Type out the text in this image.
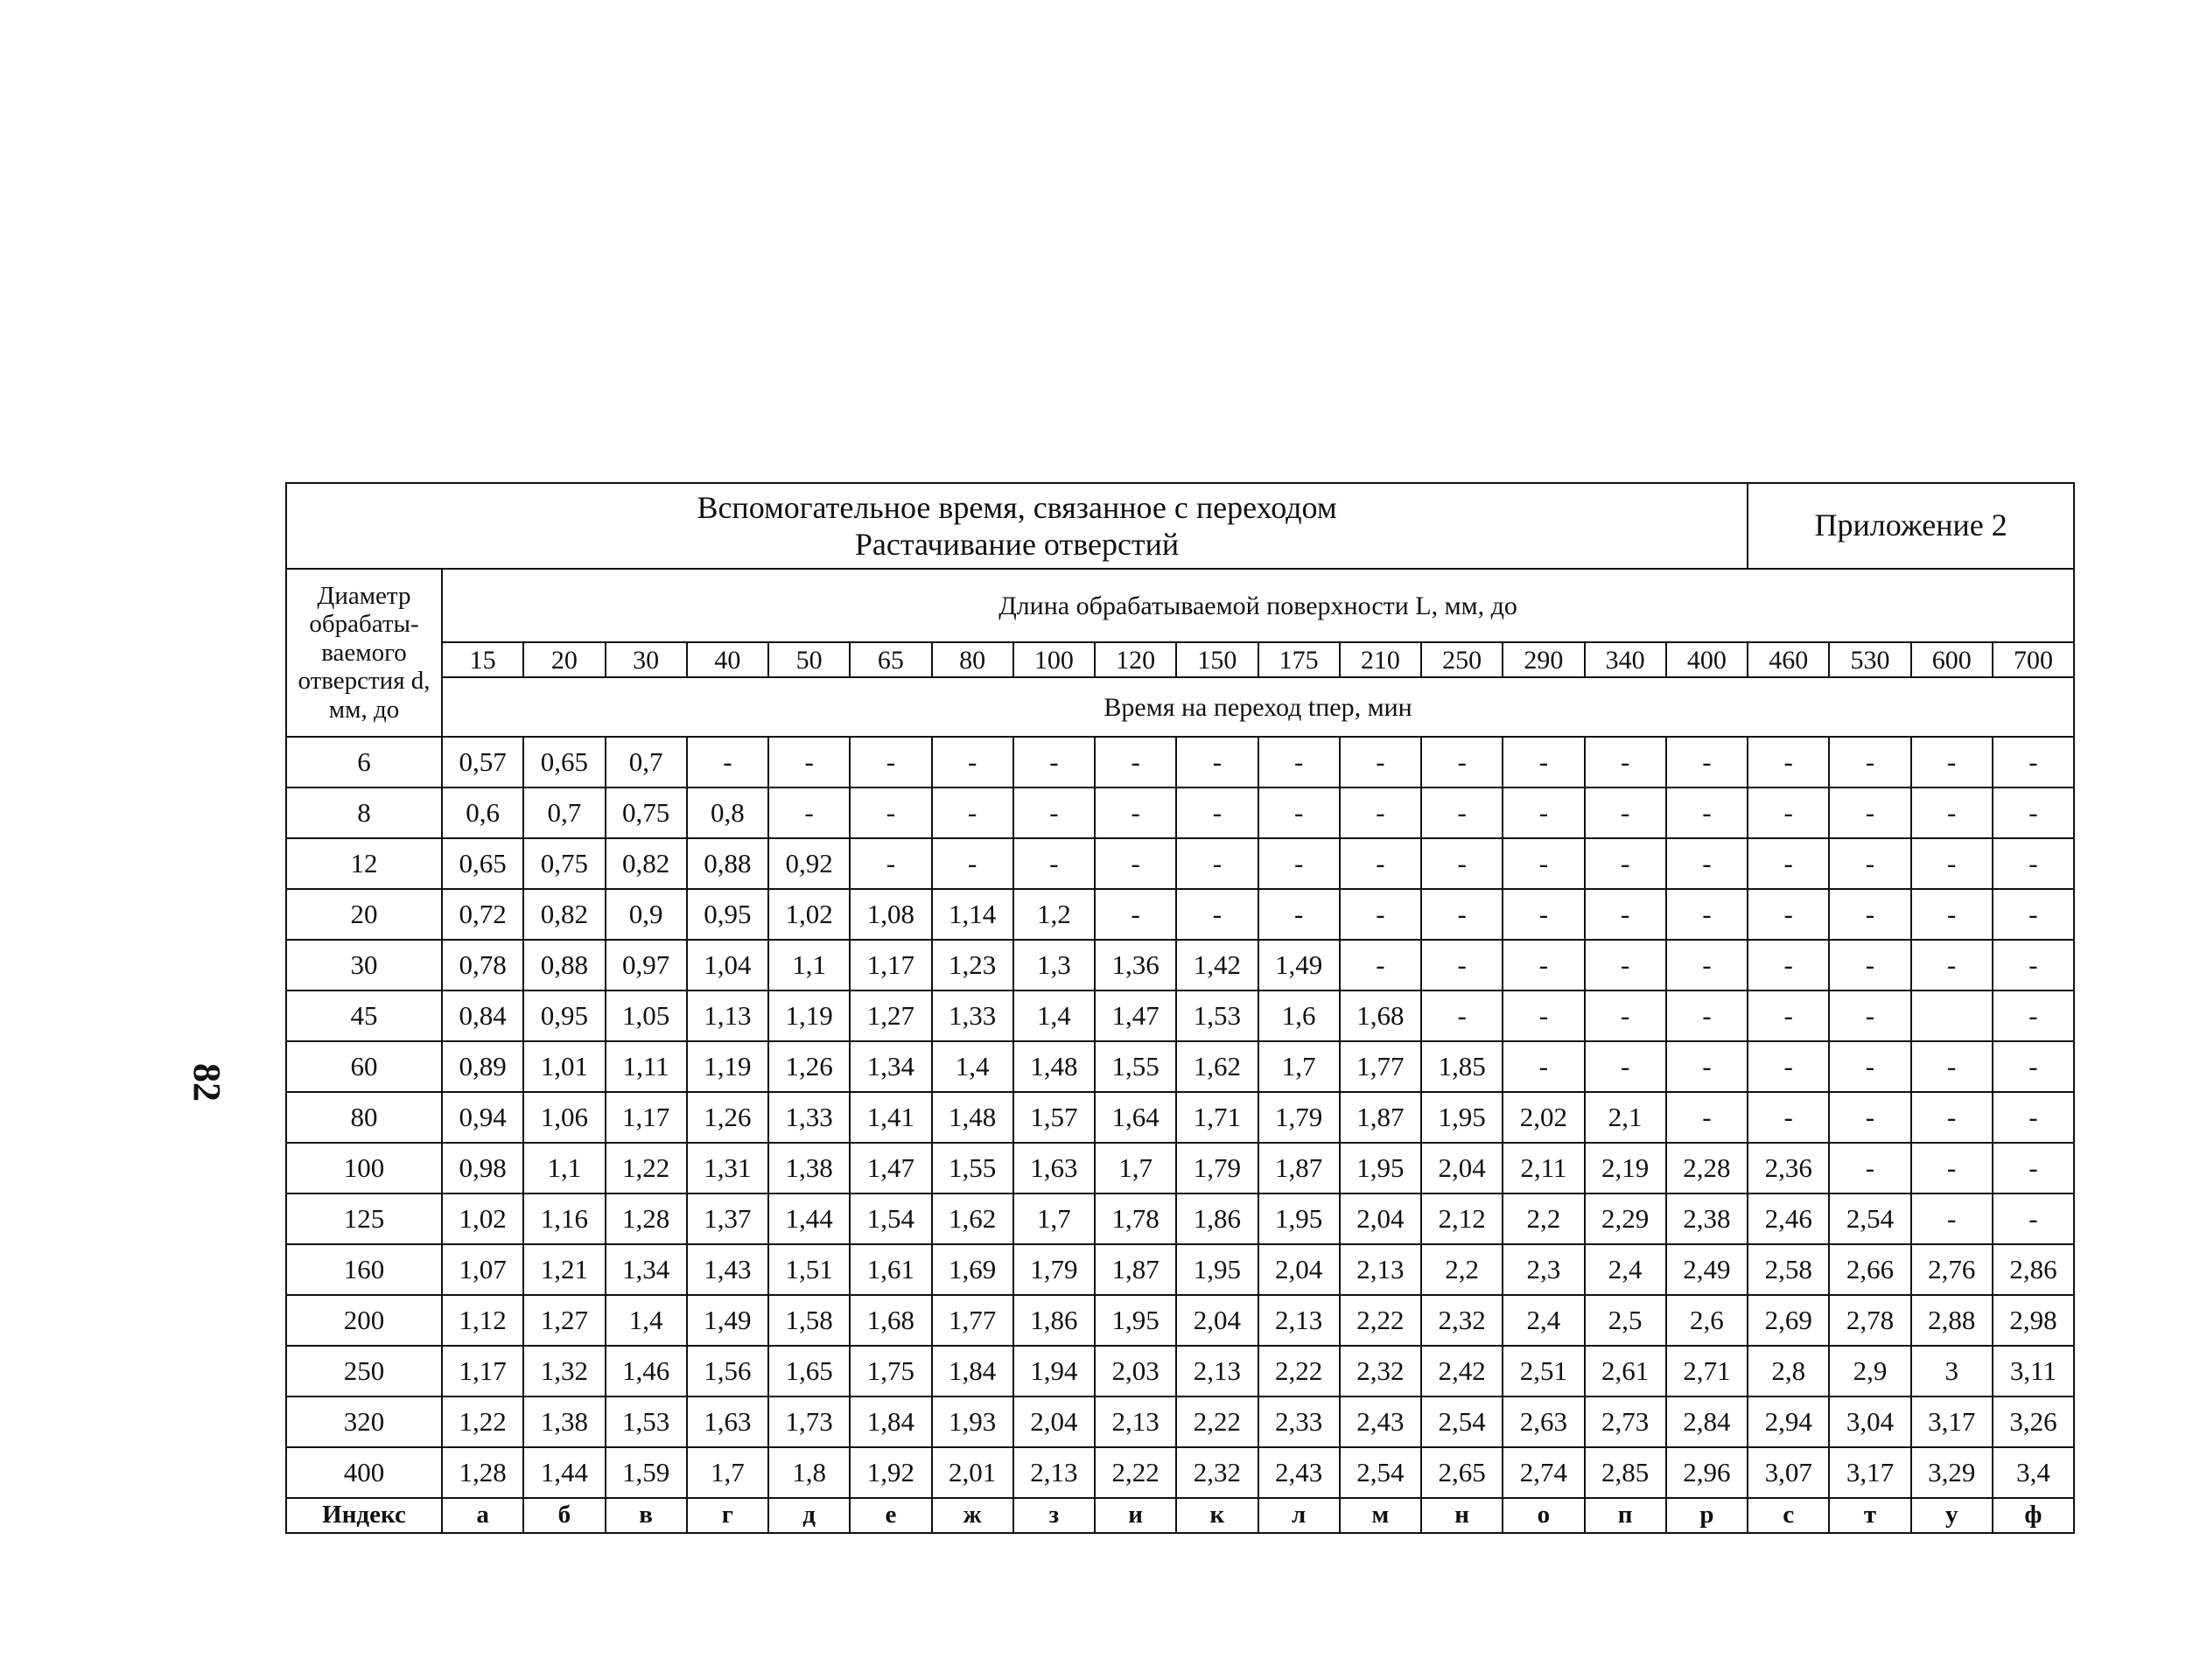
82
Вспомогательное время, связанное с переходом
Растачивание отверстий																	Приложение 2			
Диаметр обрабаты-ваемого отверстия d, мм, до	Длина обрабатываемой поверхности L, мм, до																			
	15	20	30	40	50	65	80	100	120	150	175	210	250	290	340	400	460	530	600	700
	Время на переход tпер, мин																			
6	0,57	0,65	0,7	-	-	-	-	-	-	-	-	-	-	-	-	-	-	-	-	-
8	0,6	0,7	0,75	0,8	-	-	-	-	-	-	-	-	-	-	-	-	-	-	-	-
12	0,65	0,75	0,82	0,88	0,92	-	-	-	-	-	-	-	-	-	-	-	-	-	-	-
20	0,72	0,82	0,9	0,95	1,02	1,08	1,14	1,2	-	-	-	-	-	-	-	-	-	-	-	-
30	0,78	0,88	0,97	1,04	1,1	1,17	1,23	1,3	1,36	1,42	1,49	-	-	-	-	-	-	-	-	-
45	0,84	0,95	1,05	1,13	1,19	1,27	1,33	1,4	1,47	1,53	1,6	1,68	-	-	-	-	-	-		-
60	0,89	1,01	1,11	1,19	1,26	1,34	1,4	1,48	1,55	1,62	1,7	1,77	1,85	-	-	-	-	-	-	-
80	0,94	1,06	1,17	1,26	1,33	1,41	1,48	1,57	1,64	1,71	1,79	1,87	1,95	2,02	2,1	-	-	-	-	-
100	0,98	1,1	1,22	1,31	1,38	1,47	1,55	1,63	1,7	1,79	1,87	1,95	2,04	2,11	2,19	2,28	2,36	-	-	-
125	1,02	1,16	1,28	1,37	1,44	1,54	1,62	1,7	1,78	1,86	1,95	2,04	2,12	2,2	2,29	2,38	2,46	2,54	-	-
160	1,07	1,21	1,34	1,43	1,51	1,61	1,69	1,79	1,87	1,95	2,04	2,13	2,2	2,3	2,4	2,49	2,58	2,66	2,76	2,86
200	1,12	1,27	1,4	1,49	1,58	1,68	1,77	1,86	1,95	2,04	2,13	2,22	2,32	2,4	2,5	2,6	2,69	2,78	2,88	2,98
250	1,17	1,32	1,46	1,56	1,65	1,75	1,84	1,94	2,03	2,13	2,22	2,32	2,42	2,51	2,61	2,71	2,8	2,9	3	3,11
320	1,22	1,38	1,53	1,63	1,73	1,84	1,93	2,04	2,13	2,22	2,33	2,43	2,54	2,63	2,73	2,84	2,94	3,04	3,17	3,26
400	1,28	1,44	1,59	1,7	1,8	1,92	2,01	2,13	2,22	2,32	2,43	2,54	2,65	2,74	2,85	2,96	3,07	3,17	3,29	3,4
Индекс	а	б	в	г	д	е	ж	з	и	к	л	м	н	о	п	р	с	т	у	ф
